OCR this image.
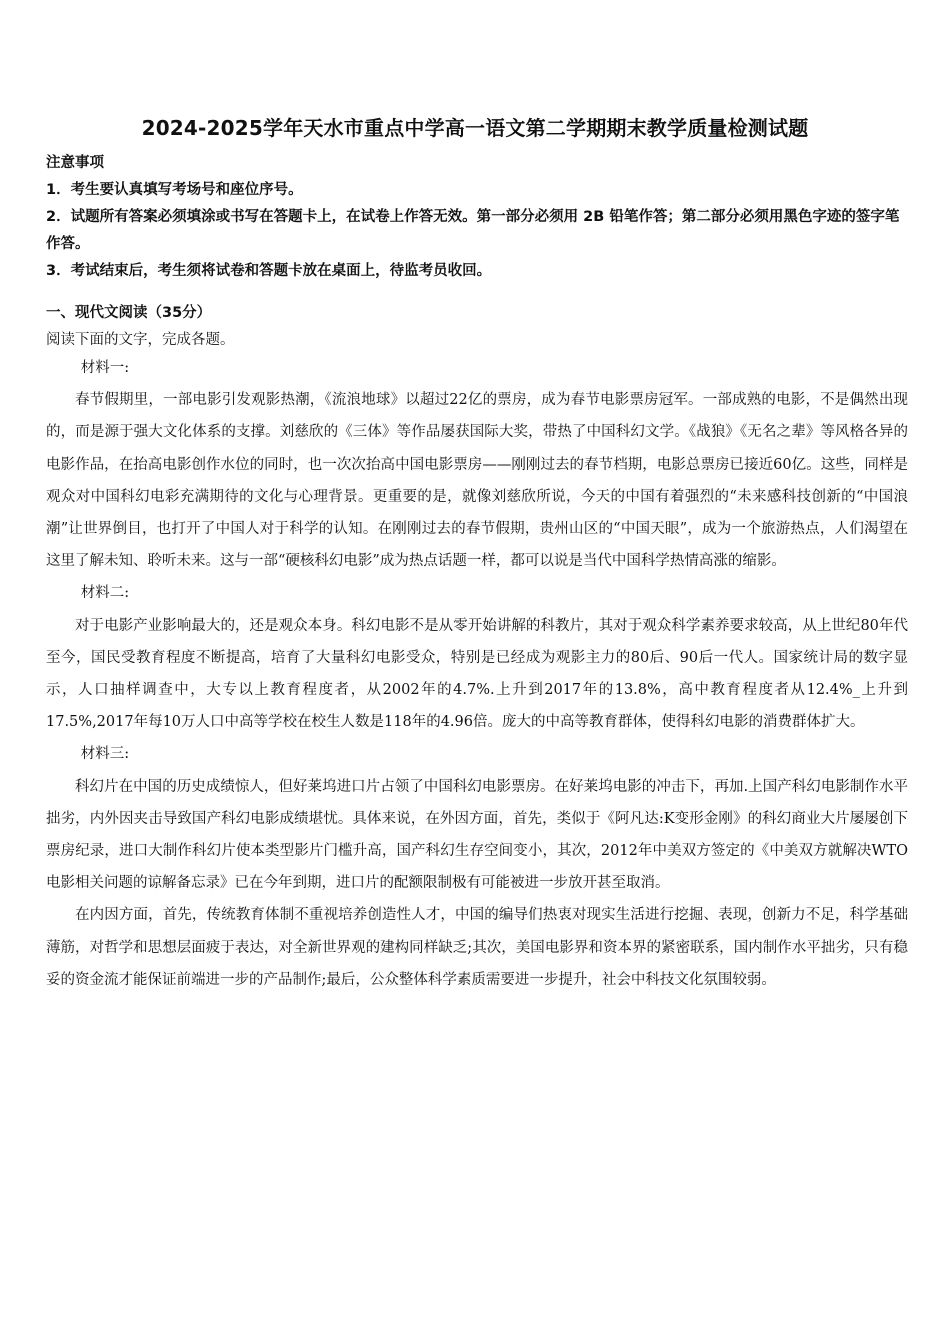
2024-2025学年天水市重点中学高一语文第二学期期末教学质量检测试题

注意事项

1．考生要认真填写考场号和座位序号。

2．试题所有答案必须填涂或书写在答题卡上，在试卷上作答无效。第一部分必须用 2B 铅笔作答；第二部分必须用黑色字迹的签字笔作答。

3．考试结束后，考生须将试卷和答题卡放在桌面上，待监考员收回。

一、现代文阅读（35分）
阅读下面的文字，完成各题。

材料一:

春节假期里，一部电影引发观影热潮，《流浪地球》以超过22亿的票房，成为春节电影票房冠军。一部成熟的电影，不是偶然出现的，而是源于强大文化体系的支撑。刘慈欣的《三体》等作品屡获国际大奖，带热了中国科幻文学。《战狼》《无名之辈》等风格各异的电影作品，在抬高电影创作水位的同时，也一次次抬高中国电影票房——刚刚过去的春节档期，电影总票房已接近60亿。这些，同样是观众对中国科幻电彩充满期待的文化与心理背景。更重要的是，就像刘慈欣所说，今天的中国有着强烈的“未来感科技创新的“中国浪潮”让世界倒目，也打开了中国人对于科学的认知。在刚刚过去的春节假期，贵州山区的“中国天眼”，成为一个旅游热点，人们渴望在这里了解未知、聆听未来。这与一部“硬核科幻电影”成为热点话题一样，都可以说是当代中国科学热情高涨的缩影。

材料二:

对于电影产业影响最大的，还是观众本身。科幻电影不是从零开始讲解的科教片，其对于观众科学素养要求较高，从上世纪80年代至今，国民受教育程度不断提高，培育了大量科幻电影受众，特别是已经成为观影主力的80后、90后一代人。国家统计局的数字显示，人口抽样调查中，大专以上教育程度者，从2002年的4.7%.上升到2017年的13.8%，高中教育程度者从12.4%_上升到17.5%,2017年每10万人口中高等学校在校生人数是118年的4.96倍。庞大的中高等教育群体，使得科幻电影的消费群体扩大。

材料三:

科幻片在中国的历史成绩惊人，但好莱坞进口片占领了中国科幻电影票房。在好莱坞电影的冲击下，再加.上国产科幻电影制作水平拙劣，内外因夹击导致国产科幻电影成绩堪忧。具体来说，在外因方面，首先，类似于《阿凡达:K变形金刚》的科幻商业大片屡屡创下票房纪录，进口大制作科幻片使本类型影片门槛升高，国产科幻生存空间变小，其次，2012年中美双方签定的《中美双方就解决WTO电影相关问题的谅解备忘录》已在今年到期，进口片的配额限制极有可能被进一步放开甚至取消。

在内因方面，首先，传统教育体制不重视培养创造性人才，中国的编导们热衷对现实生活进行挖掘、表现，创新力不足，科学基础薄筋，对哲学和思想层面疲于表达，对全新世界观的建构同样缺乏;其次，美国电影界和资本界的紧密联系，国内制作水平拙劣，只有稳妥的资金流才能保证前端进一步的产品制作;最后，公众整体科学素质需要进一步提升，社会中科技文化氛围较弱。
